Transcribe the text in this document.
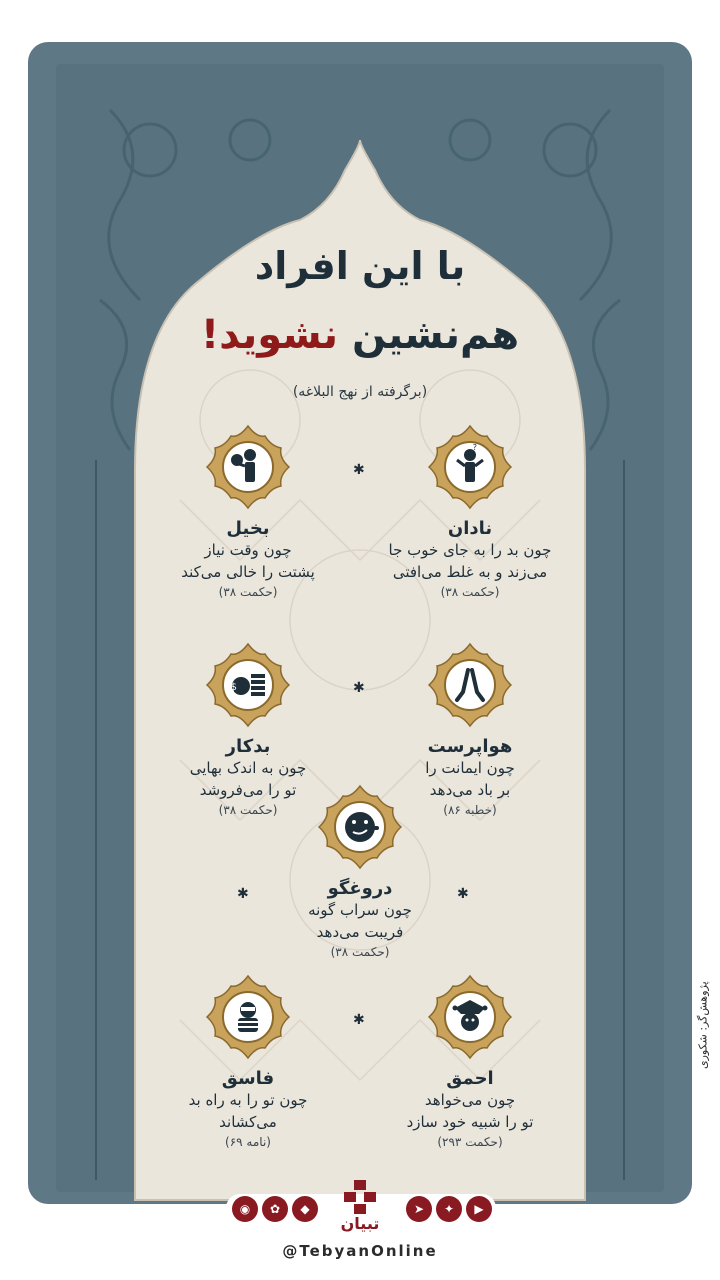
پژوهش‌گر: شکوری
با این افراد
هم‌نشین نشوید!
(برگرفته از نهج البلاغه)
?
نادان
چون بد را به جای خوب جا
می‌زند و به غلط می‌افتی
(حکمت ۳۸)
بخیل
چون وقت نیاز
پشتت را خالی می‌کند
(حکمت ۳۸)
✱
هواپرست
چون ایمانت را
بر باد می‌دهد
(خطبه ۸۶)
$
بدکار
چون به اندک بهایی
تو را می‌فروشد
(حکمت ۳۸)
✱
دروغگو
چون سراب گونه
فریبت می‌دهد
(حکمت ۳۸)
✱	✱
احمق
چون می‌خواهد
تو را شبیه خود سازد
(حکمت ۲۹۳)
فاسق
چون تو را به راه بد
می‌کشاند
(نامه ۶۹)
✱
◉	✿	◆	➤	✦	▶
تبیان
@TebyanOnline
